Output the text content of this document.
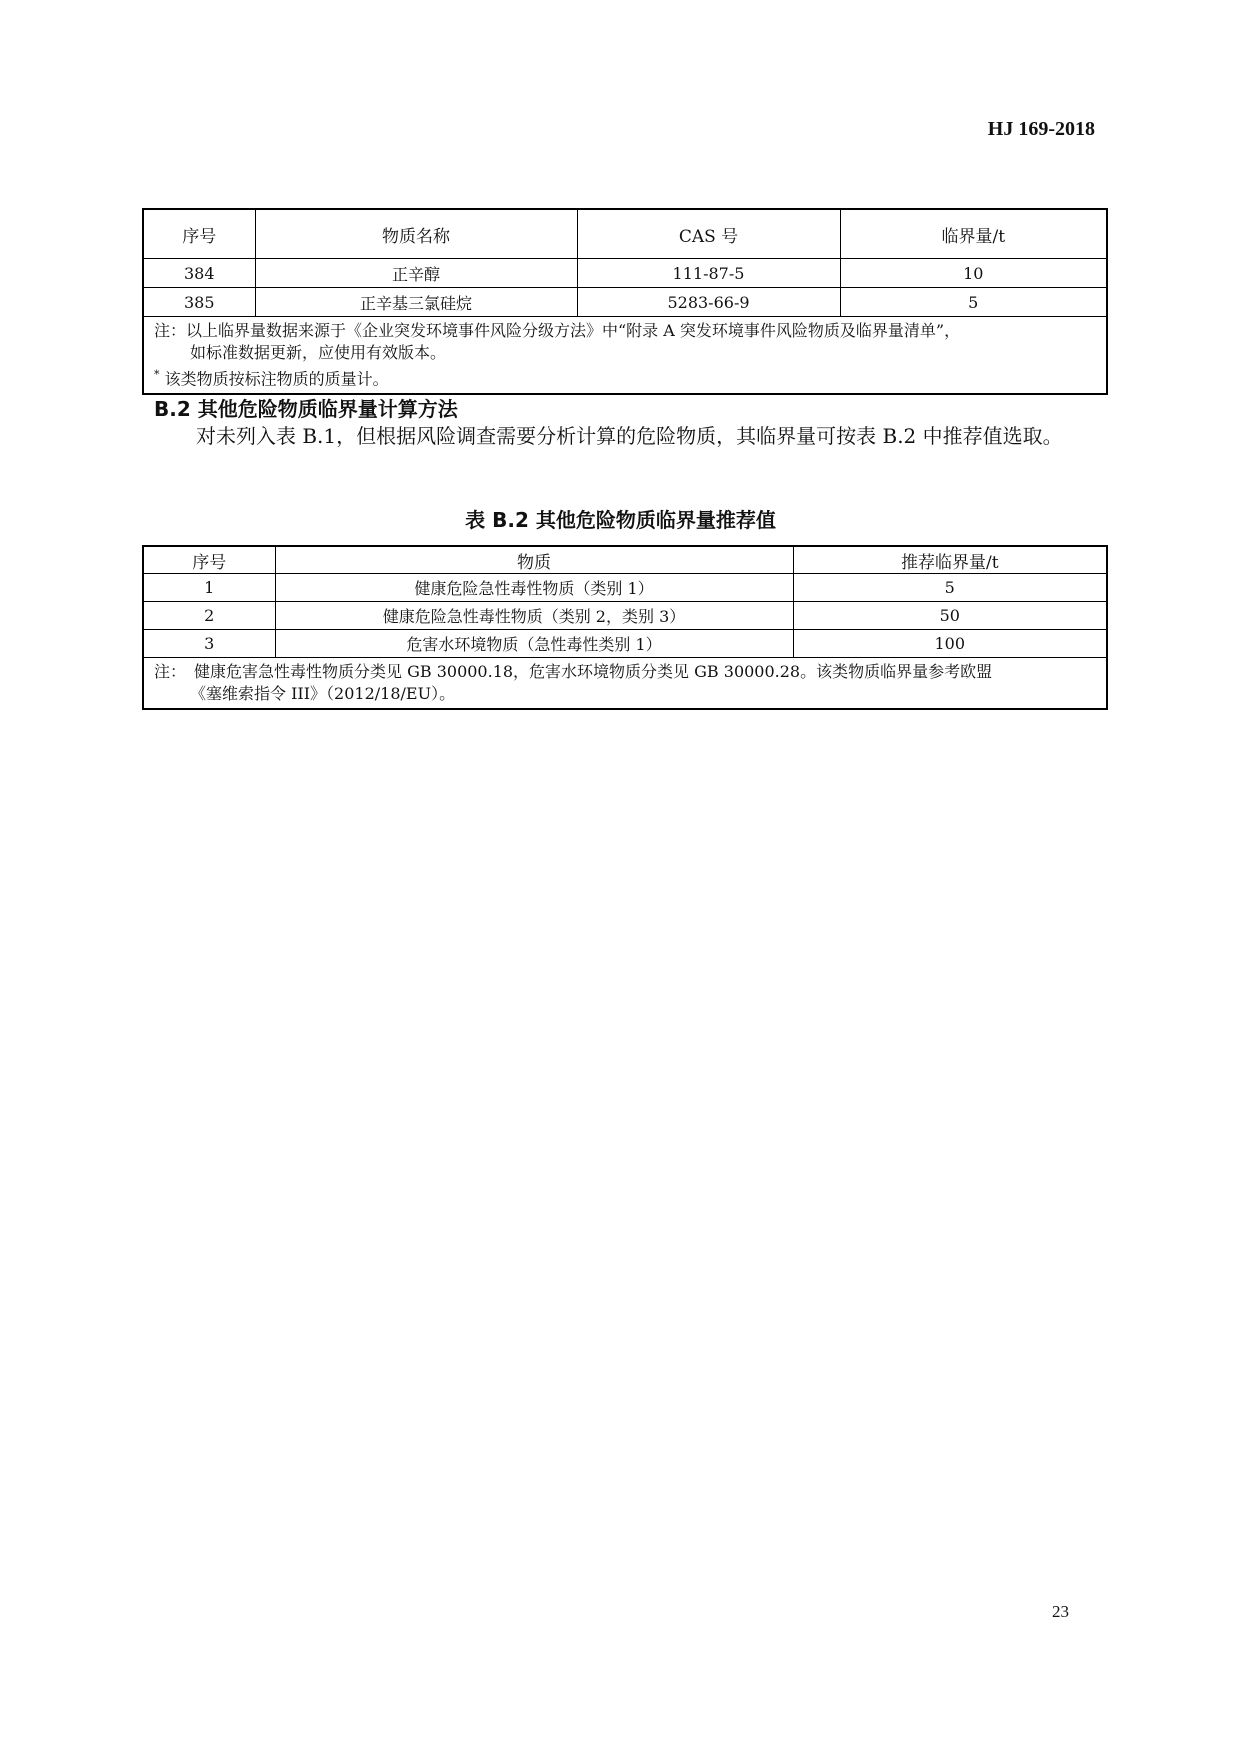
HJ 169-2018
序号	物质名称	CAS 号	临界量/t
384	正辛醇	111-87-5	10
385	正辛基三氯硅烷	5283-66-9	5

注：以上临界量数据来源于《企业突发环境事件风险分级方法》中“附录 A 突发环境事件风险物质及临界量清单”，
如标准数据更新，应使用有效版本。
* 该类物质按标注物质的质量计。			
B.2 其他危险物质临界量计算方法
对未列入表 B.1，但根据风险调查需要分析计算的危险物质，其临界量可按表 B.2 中推荐值选取。
表 B.2 其他危险物质临界量推荐值
序号	物质	推荐临界量/t
1	健康危险急性毒性物质（类别 1）	5
2	健康危险急性毒性物质（类别 2，类别 3）	50
3	危害水环境物质（急性毒性类别 1）	100

注：　健康危害急性毒性物质分类见 GB 30000.18，危害水环境物质分类见 GB 30000.28。该类物质临界量参考欧盟
《塞维索指令 III》（2012/18/EU）。		
23
